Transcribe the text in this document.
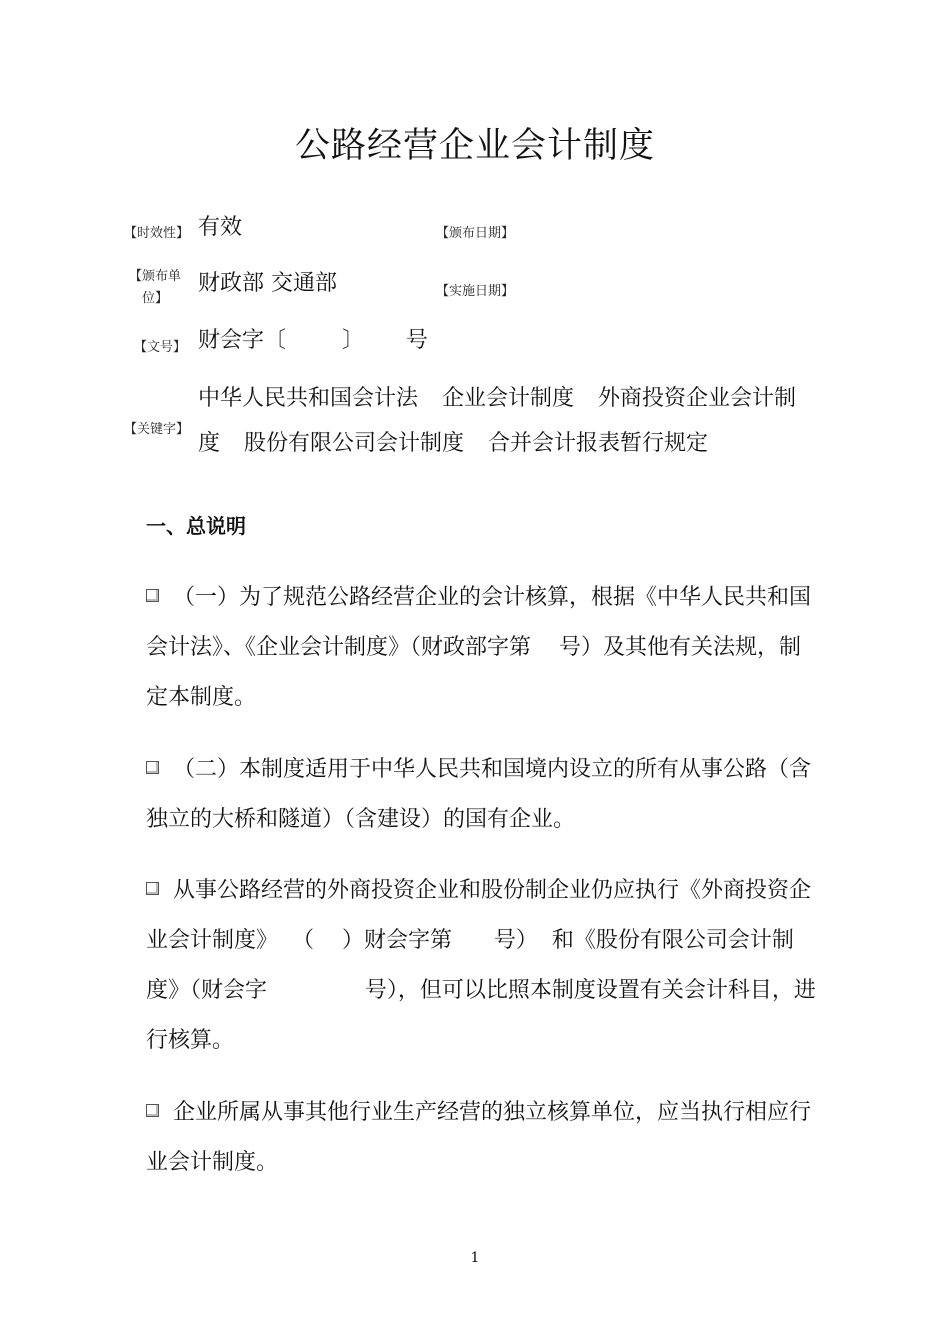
公路经营企业会计制度
【时效性】 有效	【颁布日期】
【颁布单位】
财政部 交通部	【实施日期】
【文号】 财会字〔        〕      号
【关键字】
中华人民共和国会计法 企业会计制度 外商投资企业会计制度 股份有限公司会计制度 合并会计报表暂行规定
一、总说明
（一）为了规范公路经营企业的会计核算，根据《中华人民共和国会计法》、《企业会计制度》（财政部字第    号）及其他有关法规，制定本制度。
（二）本制度适用于中华人民共和国境内设立的所有从事公路（含独立的大桥和隧道）（含建设）的国有企业。
从事公路经营的外商投资企业和股份制企业仍应执行《外商投资企业会计制度》  （    ）财会字第      号）  和《股份有限公司会计制度》（财会字              号），但可以比照本制度设置有关会计科目，进行核算。
企业所属从事其他行业生产经营的独立核算单位，应当执行相应行业会计制度。
1
